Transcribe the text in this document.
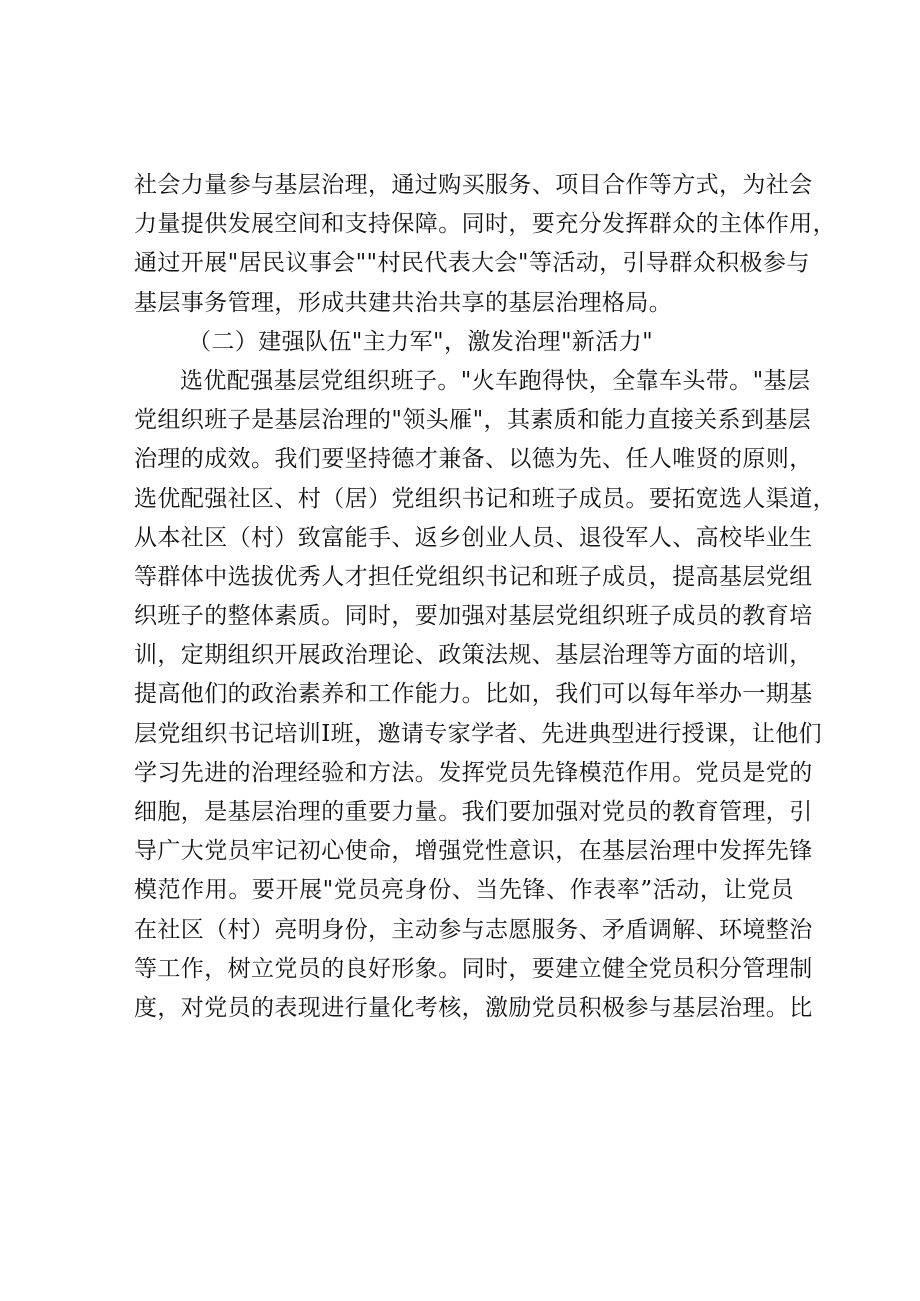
社会力量参与基层治理，通过购买服务、项目合作等方式，为社会
力量提供发展空间和支持保障。同时，要充分发挥群众的主体作用，
通过开展"居民议事会""村民代表大会"等活动，引导群众积极参与
基层事务管理，形成共建共治共享的基层治理格局。
（二）建强队伍"主力军"，激发治理"新活力"
选优配强基层党组织班子。"火车跑得快，全靠车头带。"基层
党组织班子是基层治理的"领头雁"，其素质和能力直接关系到基层
治理的成效。我们要坚持德才兼备、以德为先、任人唯贤的原则，
选优配强社区、村（居）党组织书记和班子成员。要拓宽选人渠道，
从本社区（村）致富能手、返乡创业人员、退役军人、高校毕业生
等群体中选拔优秀人才担任党组织书记和班子成员，提高基层党组
织班子的整体素质。同时，要加强对基层党组织班子成员的教育培
训，定期组织开展政治理论、政策法规、基层治理等方面的培训，
提高他们的政治素养和工作能力。比如，我们可以每年举办一期基
层党组织书记培训I班，邀请专家学者、先进典型进行授课，让他们
学习先进的治理经验和方法。发挥党员先锋模范作用。党员是党的
细胞，是基层治理的重要力量。我们要加强对党员的教育管理，引
导广大党员牢记初心使命，增强党性意识，在基层治理中发挥先锋
模范作用。要开展"党员亮身份、当先锋、作表率”活动，让党员
在社区（村）亮明身份，主动参与志愿服务、矛盾调解、环境整治
等工作，树立党员的良好形象。同时，要建立健全党员积分管理制
度，对党员的表现进行量化考核，激励党员积极参与基层治理。比
